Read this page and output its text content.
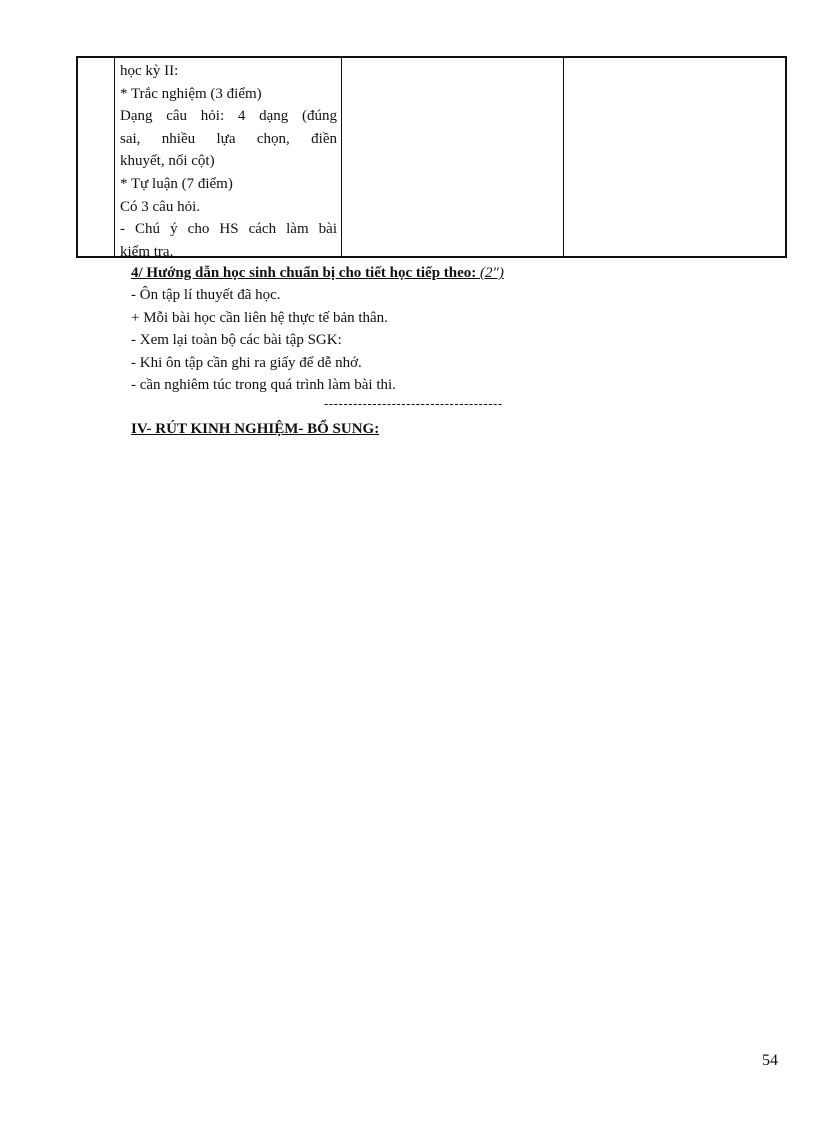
học kỳ II:
* Trắc nghiệm (3 điểm)
Dạng câu hỏi: 4 dạng (đúng
sai, nhiều lựa chọn, điền
khuyết, nối cột)
* Tự luận (7 điểm)
Có 3 câu hỏi.
- Chú ý cho HS cách làm bài
kiểm tra.
4/ Hướng dẫn học sinh chuẩn bị cho tiết học tiếp theo: (2")
- Ôn tập lí thuyết đã học.
+ Mỗi bài học cần liên hệ thực tế bản thân.
- Xem lại toàn bộ các bài tập SGK:
- Khi ôn tập cần ghi ra giấy để dễ nhớ.
- cần nghiêm túc trong quá trình làm bài thi.
-------------------------------------
IV- RÚT KINH NGHIỆM- BỔ SUNG:
54
